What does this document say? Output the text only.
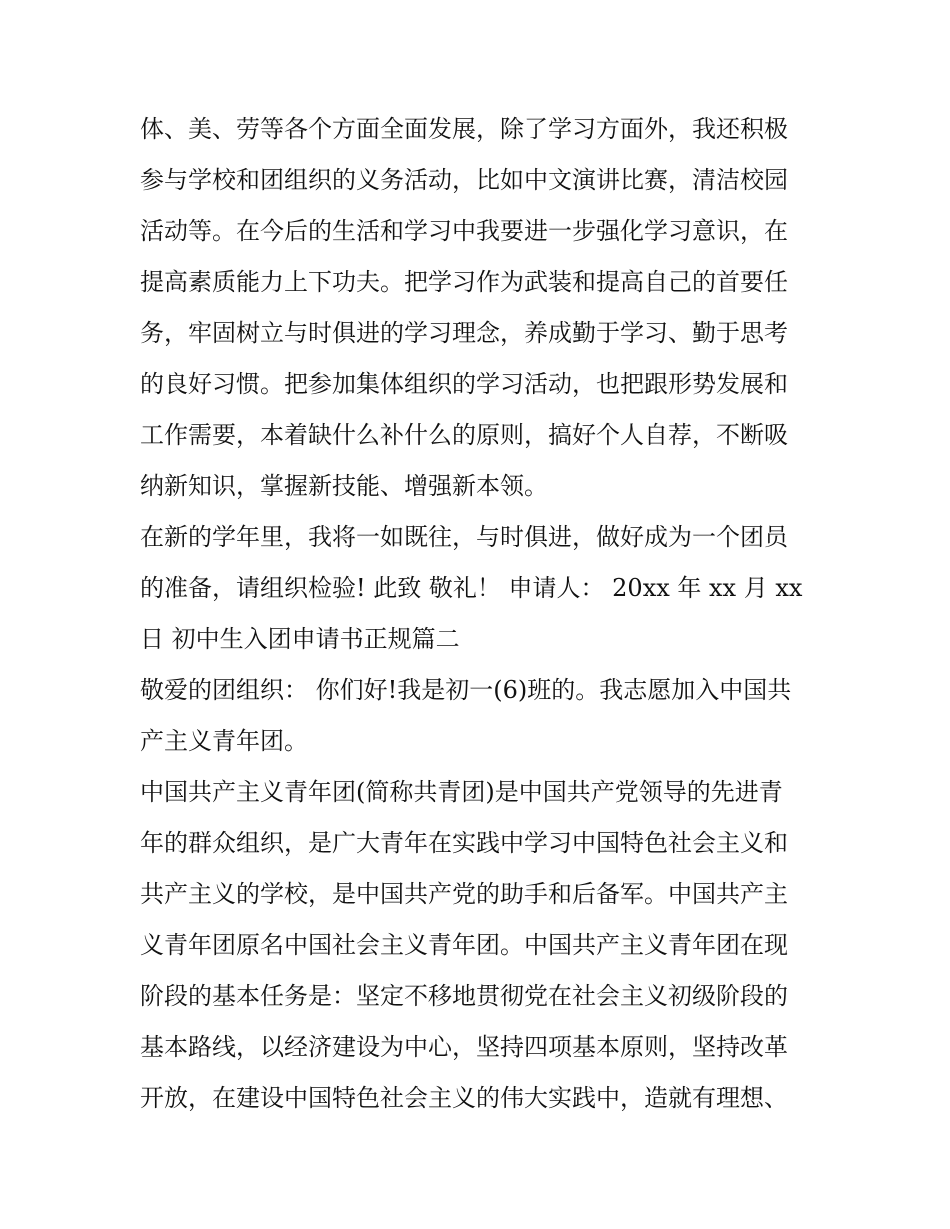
体、美、劳等各个方面全面发展，除了学习方面外，我还积极
参与学校和团组织的义务活动，比如中文演讲比赛，清洁校园
活动等。在今后的生活和学习中我要进一步强化学习意识，在
提高素质能力上下功夫。把学习作为武装和提高自己的首要任
务，牢固树立与时俱进的学习理念，养成勤于学习、勤于思考
的良好习惯。把参加集体组织的学习活动，也把跟形势发展和
工作需要，本着缺什么补什么的原则，搞好个人自荐，不断吸
纳新知识，掌握新技能、增强新本领。
在新的学年里，我将一如既往，与时俱进，做好成为一个团员
的准备，请组织检验! 此致 敬礼！ 申请人： 20xx 年 xx 月 xx
日 初中生入团申请书正规篇二
敬爱的团组织： 你们好!我是初一(6)班的。我志愿加入中国共
产主义青年团。
中国共产主义青年团(简称共青团)是中国共产党领导的先进青
年的群众组织，是广大青年在实践中学习中国特色社会主义和
共产主义的学校，是中国共产党的助手和后备军。中国共产主
义青年团原名中国社会主义青年团。中国共产主义青年团在现
阶段的基本任务是：坚定不移地贯彻党在社会主义初级阶段的
基本路线，以经济建设为中心，坚持四项基本原则，坚持改革
开放，在建设中国特色社会主义的伟大实践中，造就有理想、
